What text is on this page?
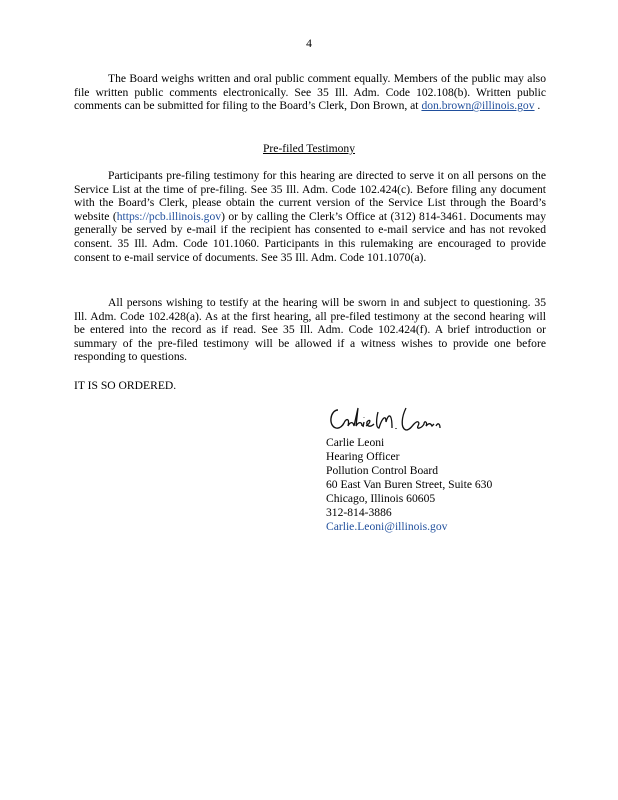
4

The Board weighs written and oral public comment equally. Members of the public may also file written public comments electronically. See 35 Ill. Adm. Code 102.108(b). Written public comments can be submitted for filing to the Board’s Clerk, Don Brown, at don.brown@illinois.gov .

Pre-filed Testimony

Participants pre-filing testimony for this hearing are directed to serve it on all persons on the Service List at the time of pre-filing. See 35 Ill. Adm. Code 102.424(c). Before filing any document with the Board’s Clerk, please obtain the current version of the Service List through the Board’s website (https://pcb.illinois.gov) or by calling the Clerk’s Office at (312) 814-3461. Documents may generally be served by e-mail if the recipient has consented to e-mail service and has not revoked consent. 35 Ill. Adm. Code 101.1060. Participants in this rulemaking are encouraged to provide consent to e-mail service of documents. See 35 Ill. Adm. Code 101.1070(a).

All persons wishing to testify at the hearing will be sworn in and subject to questioning. 35 Ill. Adm. Code 102.428(a). As at the first hearing, all pre-filed testimony at the second hearing will be entered into the record as if read. See 35 Ill. Adm. Code 102.424(f). A brief introduction or summary of the pre-filed testimony will be allowed if a witness wishes to provide one before responding to questions.

IT IS SO ORDERED.
Carlie Leoni
Hearing Officer
Pollution Control Board
60 East Van Buren Street, Suite 630
Chicago, Illinois 60605
312-814-3886
Carlie.Leoni@illinois.gov
